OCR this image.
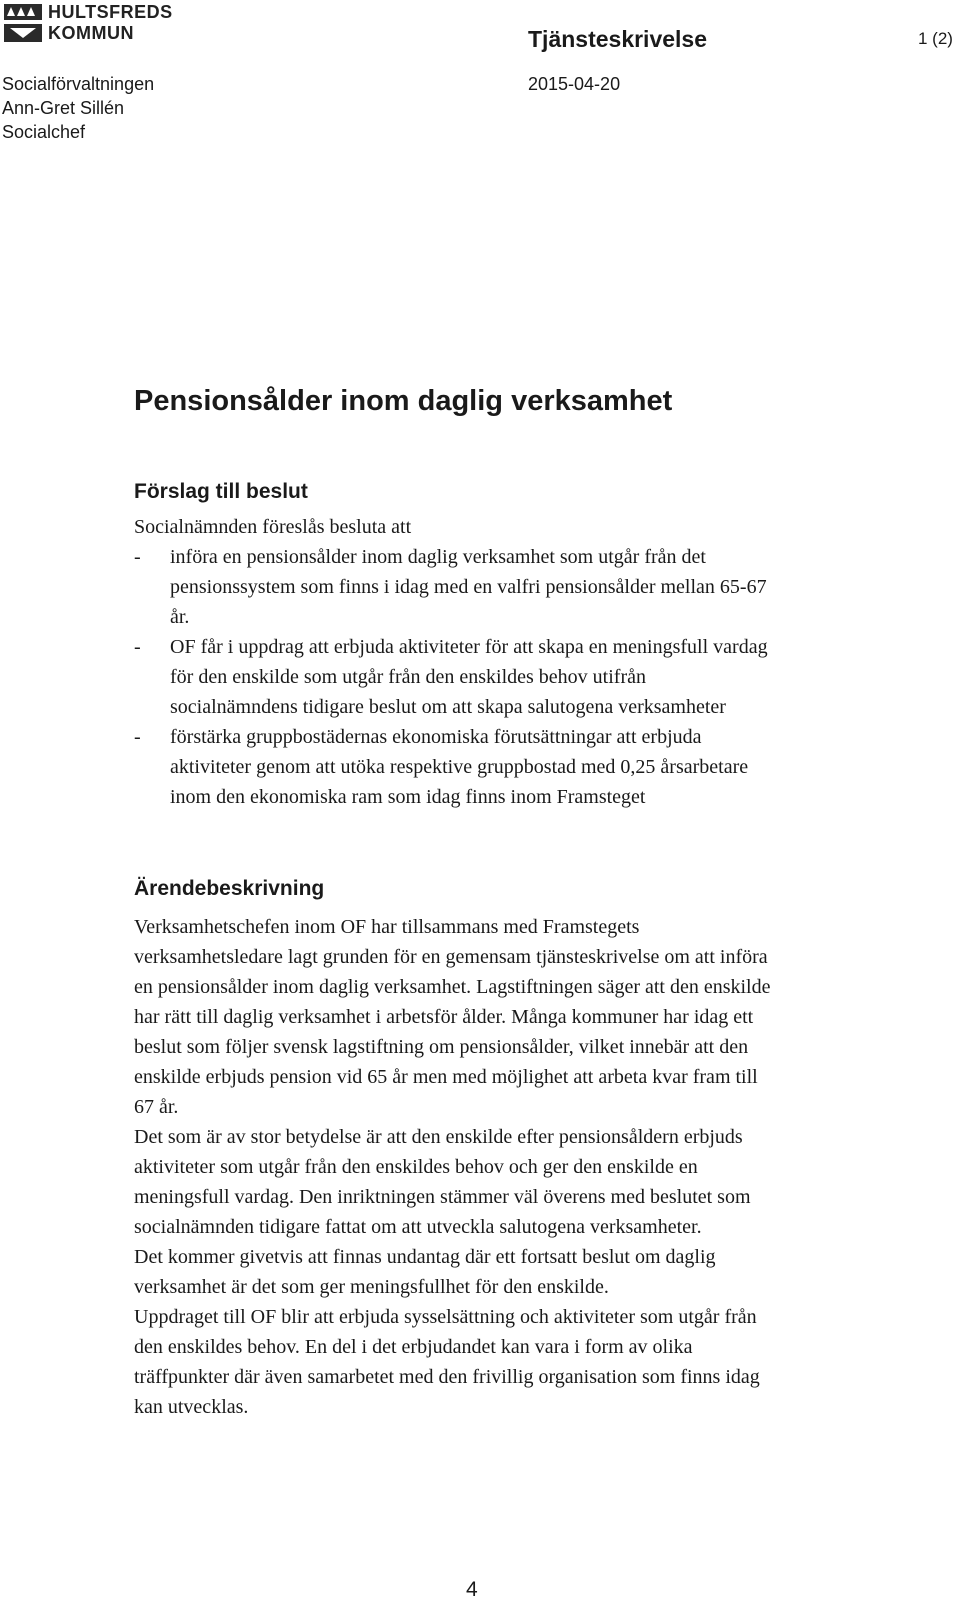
HULTSFREDS
KOMMUN	Tjänsteskrivelse	1 (2)
Socialförvaltningen
Ann-Gret Sillén
Socialchef
2015-04-20
Pensionsålder inom daglig verksamhet
Förslag till beslut
Socialnämnden föreslås besluta att
- införa en pensionsålder inom daglig verksamhet som utgår från det
pensionssystem som finns i idag med en valfri pensionsålder mellan 65-67
år.
- OF får i uppdrag att erbjuda aktiviteter för att skapa en meningsfull vardag
för den enskilde som utgår från den enskildes behov utifrån
socialnämndens tidigare beslut om att skapa salutogena verksamheter
- förstärka gruppbostädernas ekonomiska förutsättningar att erbjuda
aktiviteter genom att utöka respektive gruppbostad med 0,25 årsarbetare
inom den ekonomiska ram som idag finns inom Framsteget
Ärendebeskrivning
Verksamhetschefen inom OF har tillsammans med Framstegets
verksamhetsledare lagt grunden för en gemensam tjänsteskrivelse om att införa
en pensionsålder inom daglig verksamhet. Lagstiftningen säger att den enskilde
har rätt till daglig verksamhet i arbetsför ålder. Många kommuner har idag ett
beslut som följer svensk lagstiftning om pensionsålder, vilket innebär att den
enskilde erbjuds pension vid 65 år men med möjlighet att arbeta kvar fram till
67 år.
Det som är av stor betydelse är att den enskilde efter pensionsåldern erbjuds
aktiviteter som utgår från den enskildes behov och ger den enskilde en
meningsfull vardag. Den inriktningen stämmer väl överens med beslutet som
socialnämnden tidigare fattat om att utveckla salutogena verksamheter.
Det kommer givetvis att finnas undantag där ett fortsatt beslut om daglig
verksamhet är det som ger meningsfullhet för den enskilde.
Uppdraget till OF blir att erbjuda sysselsättning och aktiviteter som utgår från
den enskildes behov. En del i det erbjudandet kan vara i form av olika
träffpunkter där även samarbetet med den frivillig organisation som finns idag
kan utvecklas.
4
